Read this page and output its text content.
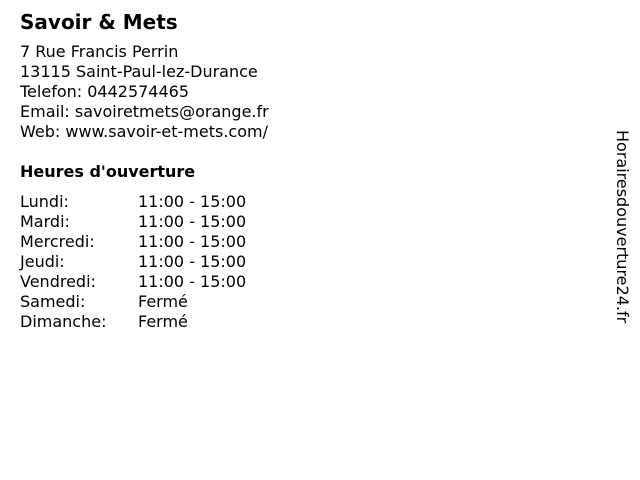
Savoir & Mets
7 Rue Francis Perrin
13115 Saint-Paul-lez-Durance
Telefon: 0442574465
Email: savoiretmets@orange.fr
Web: www.savoir-et-mets.com/
Heures d'ouverture
Lundi:	11:00 - 15:00
Mardi:	11:00 - 15:00
Mercredi:	11:00 - 15:00
Jeudi:	11:00 - 15:00
Vendredi:	11:00 - 15:00
Samedi:	Fermé
Dimanche:	Fermé	Horairesdouverture24.fr
